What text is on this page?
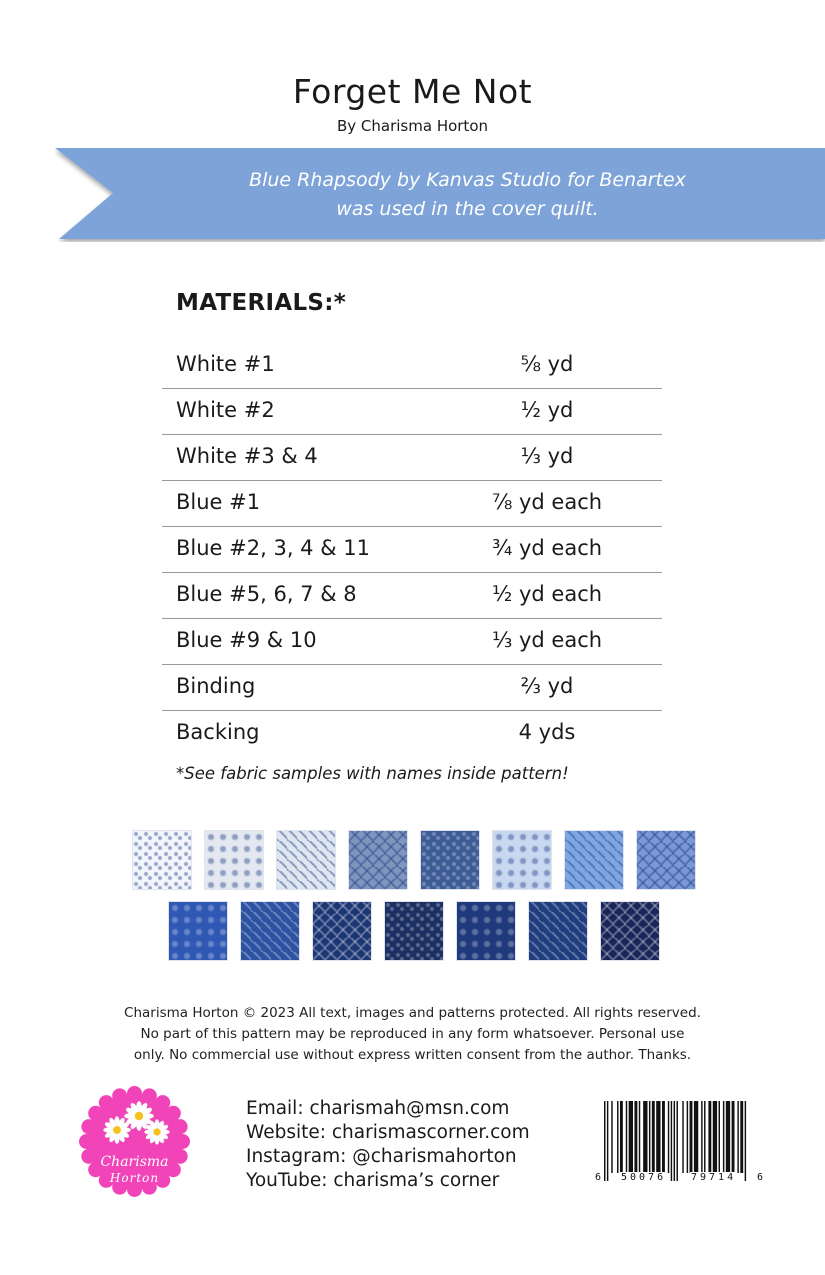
Forget Me Not
By Charisma Horton
Blue Rhapsody by Kanvas Studio for Benartex
was used in the cover quilt.
MATERIALS:*
White #1	⅝ yd
White #2	½ yd
White #3 & 4	⅓ yd
Blue #1	⅞ yd each
Blue #2, 3, 4 & 11	¾ yd each
Blue #5, 6, 7 & 8	½ yd each
Blue #9 & 10	⅓ yd each
Binding	⅔ yd
Backing	4 yds
*See fabric samples with names inside pattern!
Charisma Horton © 2023 All text, images and patterns protected. All rights reserved.
No part of this pattern may be reproduced in any form whatsoever. Personal use
only. No commercial use without express written consent from the author. Thanks.
Charisma
Horton
Email: charismah@msn.com
Website: charismascorner.com
Instagram: @charismahorton
YouTube: charisma’s corner	6 50076 79714 6
